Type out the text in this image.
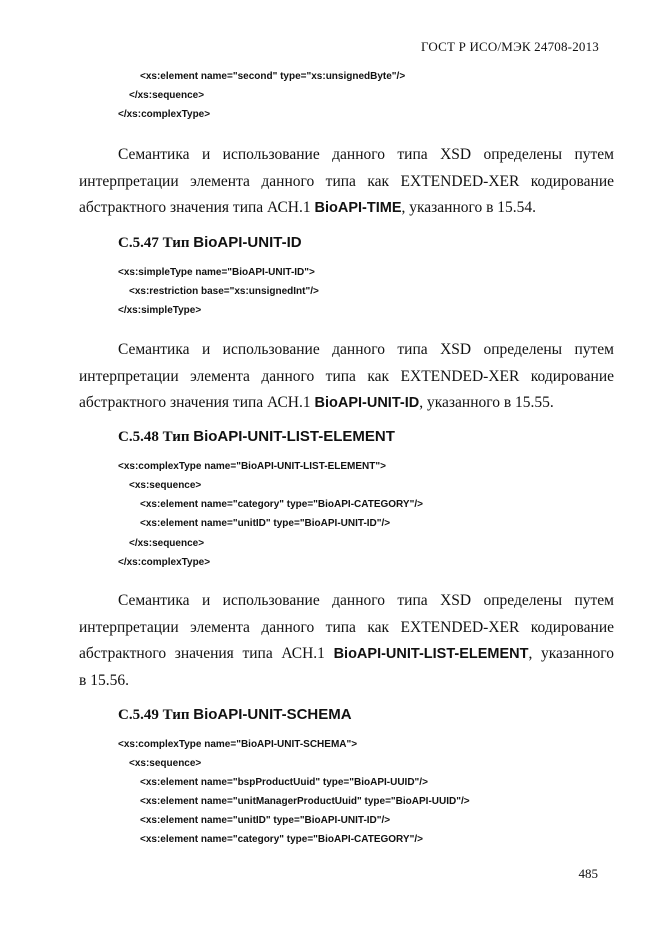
ГОСТ Р ИСО/МЭК 24708-2013
<xs:element name="second" type="xs:unsignedByte"/>
</xs:sequence>
</xs:complexType>
Семантика и использование данного типа XSD определены путем
интерпретации элемента данного типа как EXTENDED-XER кодирование
абстрактного значения типа АСН.1 BioAPI-TIME, указанного в 15.54.
С.5.47 Тип BioAPI-UNIT-ID
<xs:simpleType name="BioAPI-UNIT-ID">
<xs:restriction base="xs:unsignedInt"/>
</xs:simpleType>
Семантика и использование данного типа XSD определены путем
интерпретации элемента данного типа как EXTENDED-XER кодирование
абстрактного значения типа АСН.1 BioAPI-UNIT-ID, указанного в 15.55.
С.5.48 Тип BioAPI-UNIT-LIST-ELEMENT
<xs:complexType name="BioAPI-UNIT-LIST-ELEMENT">
<xs:sequence>
<xs:element name="category" type="BioAPI-CATEGORY"/>
<xs:element name="unitID" type="BioAPI-UNIT-ID"/>
</xs:sequence>
</xs:complexType>
Семантика и использование данного типа XSD определены путем
интерпретации элемента данного типа как EXTENDED-XER кодирование
абстрактного значения типа АСН.1 BioAPI-UNIT-LIST-ELEMENT, указанного
в 15.56.
С.5.49 Тип BioAPI-UNIT-SCHEMA
<xs:complexType name="BioAPI-UNIT-SCHEMA">
<xs:sequence>
<xs:element name="bspProductUuid" type="BioAPI-UUID"/>
<xs:element name="unitManagerProductUuid" type="BioAPI-UUID"/>
<xs:element name="unitID" type="BioAPI-UNIT-ID"/>
<xs:element name="category" type="BioAPI-CATEGORY"/>
485
